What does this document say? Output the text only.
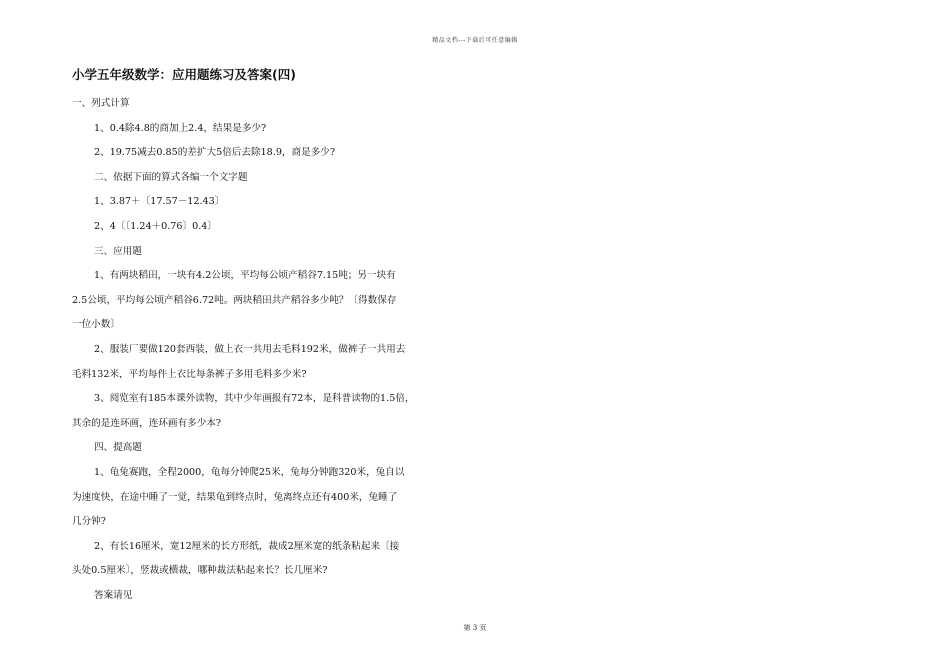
精品文档---下载后可任意编辑
小学五年级数学：应用题练习及答案(四)
一、列式计算
1、0.4除4.8的商加上2.4，结果是多少?
2、19.75减去0.85的差扩大5倍后去除18.9，商是多少?
二、依据下面的算式各编一个文字题
1、3.87＋〔17.57－12.43〕
2、4〔〔1.24＋0.76〕0.4〕
三、应用题
1、有两块稻田，一块有4.2公顷，平均每公顷产稻谷7.15吨；另一块有
2.5公顷，平均每公顷产稻谷6.72吨。两块稻田共产稻谷多少吨？〔得数保存
一位小数〕
2、服装厂要做120套西装，做上衣一共用去毛料192米，做裤子一共用去
毛料132米，平均每件上衣比每条裤子多用毛料多少米?
3、阅览室有185本课外读物，其中少年画报有72本，是科普读物的1.5倍，
其余的是连环画，连环画有多少本?
四、提高题
1、龟兔赛跑，全程2000，龟每分钟爬25米，兔每分钟跑320米，兔自以
为速度快，在途中睡了一觉，结果龟到终点时，兔离终点还有400米，兔睡了
几分钟?
2、有长16厘米，宽12厘米的长方形纸，裁成2厘米宽的纸条粘起来〔接
头处0.5厘米〕，竖裁或横裁，哪种裁法粘起来长？长几厘米?
答案请见
第 3 页
